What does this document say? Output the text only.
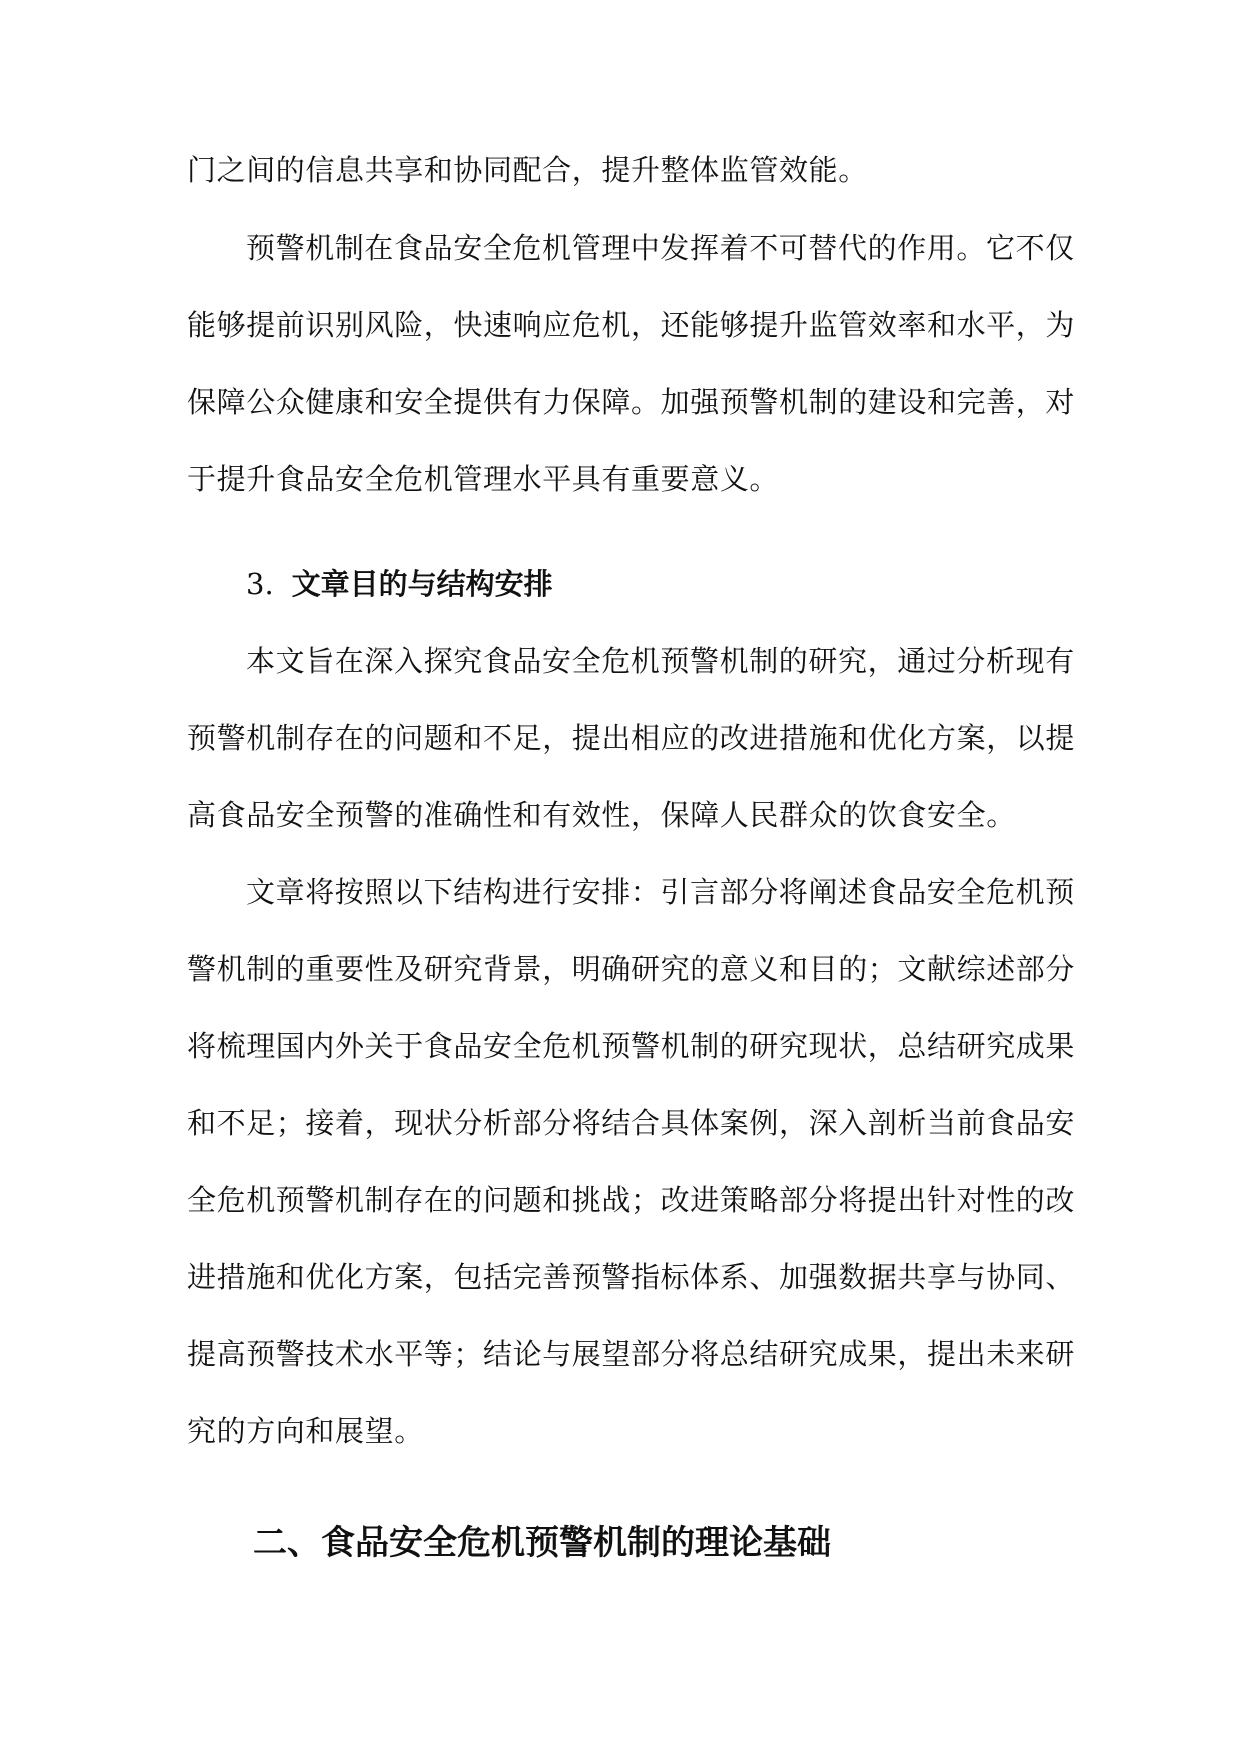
门之间的信息共享和协同配合，提升整体监管效能。
预警机制在食品安全危机管理中发挥着不可替代的作用。它不仅
能够提前识别风险，快速响应危机，还能够提升监管效率和水平，为
保障公众健康和安全提供有力保障。加强预警机制的建设和完善，对
于提升食品安全危机管理水平具有重要意义。
3. 文章目的与结构安排
本文旨在深入探究食品安全危机预警机制的研究，通过分析现有
预警机制存在的问题和不足，提出相应的改进措施和优化方案，以提
高食品安全预警的准确性和有效性，保障人民群众的饮食安全。
文章将按照以下结构进行安排：引言部分将阐述食品安全危机预
警机制的重要性及研究背景，明确研究的意义和目的；文献综述部分
将梳理国内外关于食品安全危机预警机制的研究现状，总结研究成果
和不足；接着，现状分析部分将结合具体案例，深入剖析当前食品安
全危机预警机制存在的问题和挑战；改进策略部分将提出针对性的改
进措施和优化方案，包括完善预警指标体系、加强数据共享与协同、
提高预警技术水平等；结论与展望部分将总结研究成果，提出未来研
究的方向和展望。
二、食品安全危机预警机制的理论基础
